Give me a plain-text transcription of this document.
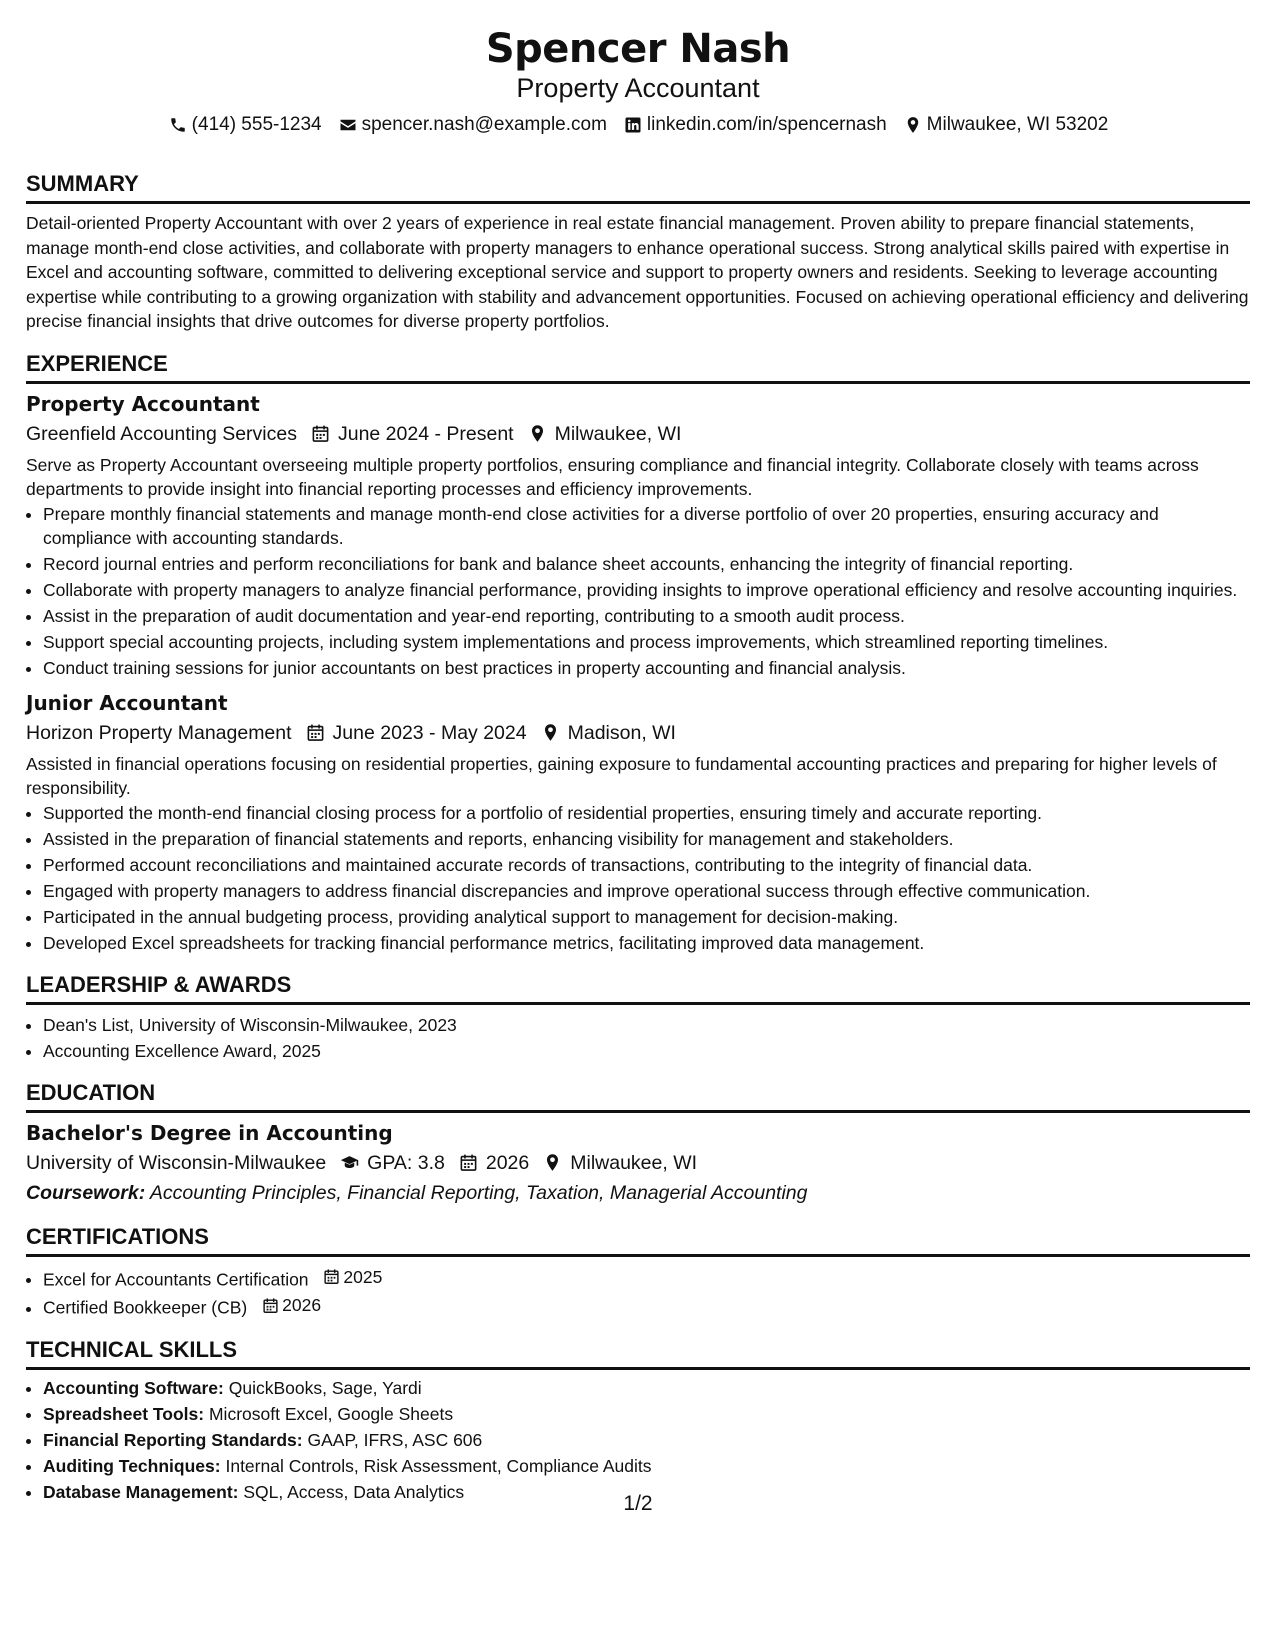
Spencer Nash
Property Accountant
(414) 555-1234 spencer.nash@example.com linkedin.com/in/spencernash Milwaukee, WI 53202
SUMMARY
Detail-oriented Property Accountant with over 2 years of experience in real estate financial management. Proven ability to prepare financial statements, manage month-end close activities, and collaborate with property managers to enhance operational success. Strong analytical skills paired with expertise in Excel and accounting software, committed to delivering exceptional service and support to property owners and residents. Seeking to leverage accounting expertise while contributing to a growing organization with stability and advancement opportunities. Focused on achieving operational efficiency and delivering precise financial insights that drive outcomes for diverse property portfolios.
EXPERIENCE
Property Accountant
Greenfield Accounting Services June 2024 - Present Milwaukee, WI
Serve as Property Accountant overseeing multiple property portfolios, ensuring compliance and financial integrity. Collaborate closely with teams across departments to provide insight into financial reporting processes and efficiency improvements.
• Prepare monthly financial statements and manage month-end close activities for a diverse portfolio of over 20 properties, ensuring accuracy and compliance with accounting standards.
• Record journal entries and perform reconciliations for bank and balance sheet accounts, enhancing the integrity of financial reporting.
• Collaborate with property managers to analyze financial performance, providing insights to improve operational efficiency and resolve accounting inquiries.
• Assist in the preparation of audit documentation and year-end reporting, contributing to a smooth audit process.
• Support special accounting projects, including system implementations and process improvements, which streamlined reporting timelines.
• Conduct training sessions for junior accountants on best practices in property accounting and financial analysis.
Junior Accountant
Horizon Property Management June 2023 - May 2024 Madison, WI
Assisted in financial operations focusing on residential properties, gaining exposure to fundamental accounting practices and preparing for higher levels of responsibility.
• Supported the month-end financial closing process for a portfolio of residential properties, ensuring timely and accurate reporting.
• Assisted in the preparation of financial statements and reports, enhancing visibility for management and stakeholders.
• Performed account reconciliations and maintained accurate records of transactions, contributing to the integrity of financial data.
• Engaged with property managers to address financial discrepancies and improve operational success through effective communication.
• Participated in the annual budgeting process, providing analytical support to management for decision-making.
• Developed Excel spreadsheets for tracking financial performance metrics, facilitating improved data management.
LEADERSHIP & AWARDS
• Dean's List, University of Wisconsin-Milwaukee, 2023
• Accounting Excellence Award, 2025
EDUCATION
Bachelor's Degree in Accounting
University of Wisconsin-Milwaukee GPA: 3.8 2026 Milwaukee, WI
Coursework: Accounting Principles, Financial Reporting, Taxation, Managerial Accounting
CERTIFICATIONS
• Excel for Accountants Certification 2025
• Certified Bookkeeper (CB) 2026
TECHNICAL SKILLS
• Accounting Software: QuickBooks, Sage, Yardi
• Spreadsheet Tools: Microsoft Excel, Google Sheets
• Financial Reporting Standards: GAAP, IFRS, ASC 606
• Auditing Techniques: Internal Controls, Risk Assessment, Compliance Audits
• Database Management: SQL, Access, Data Analytics
1/2
